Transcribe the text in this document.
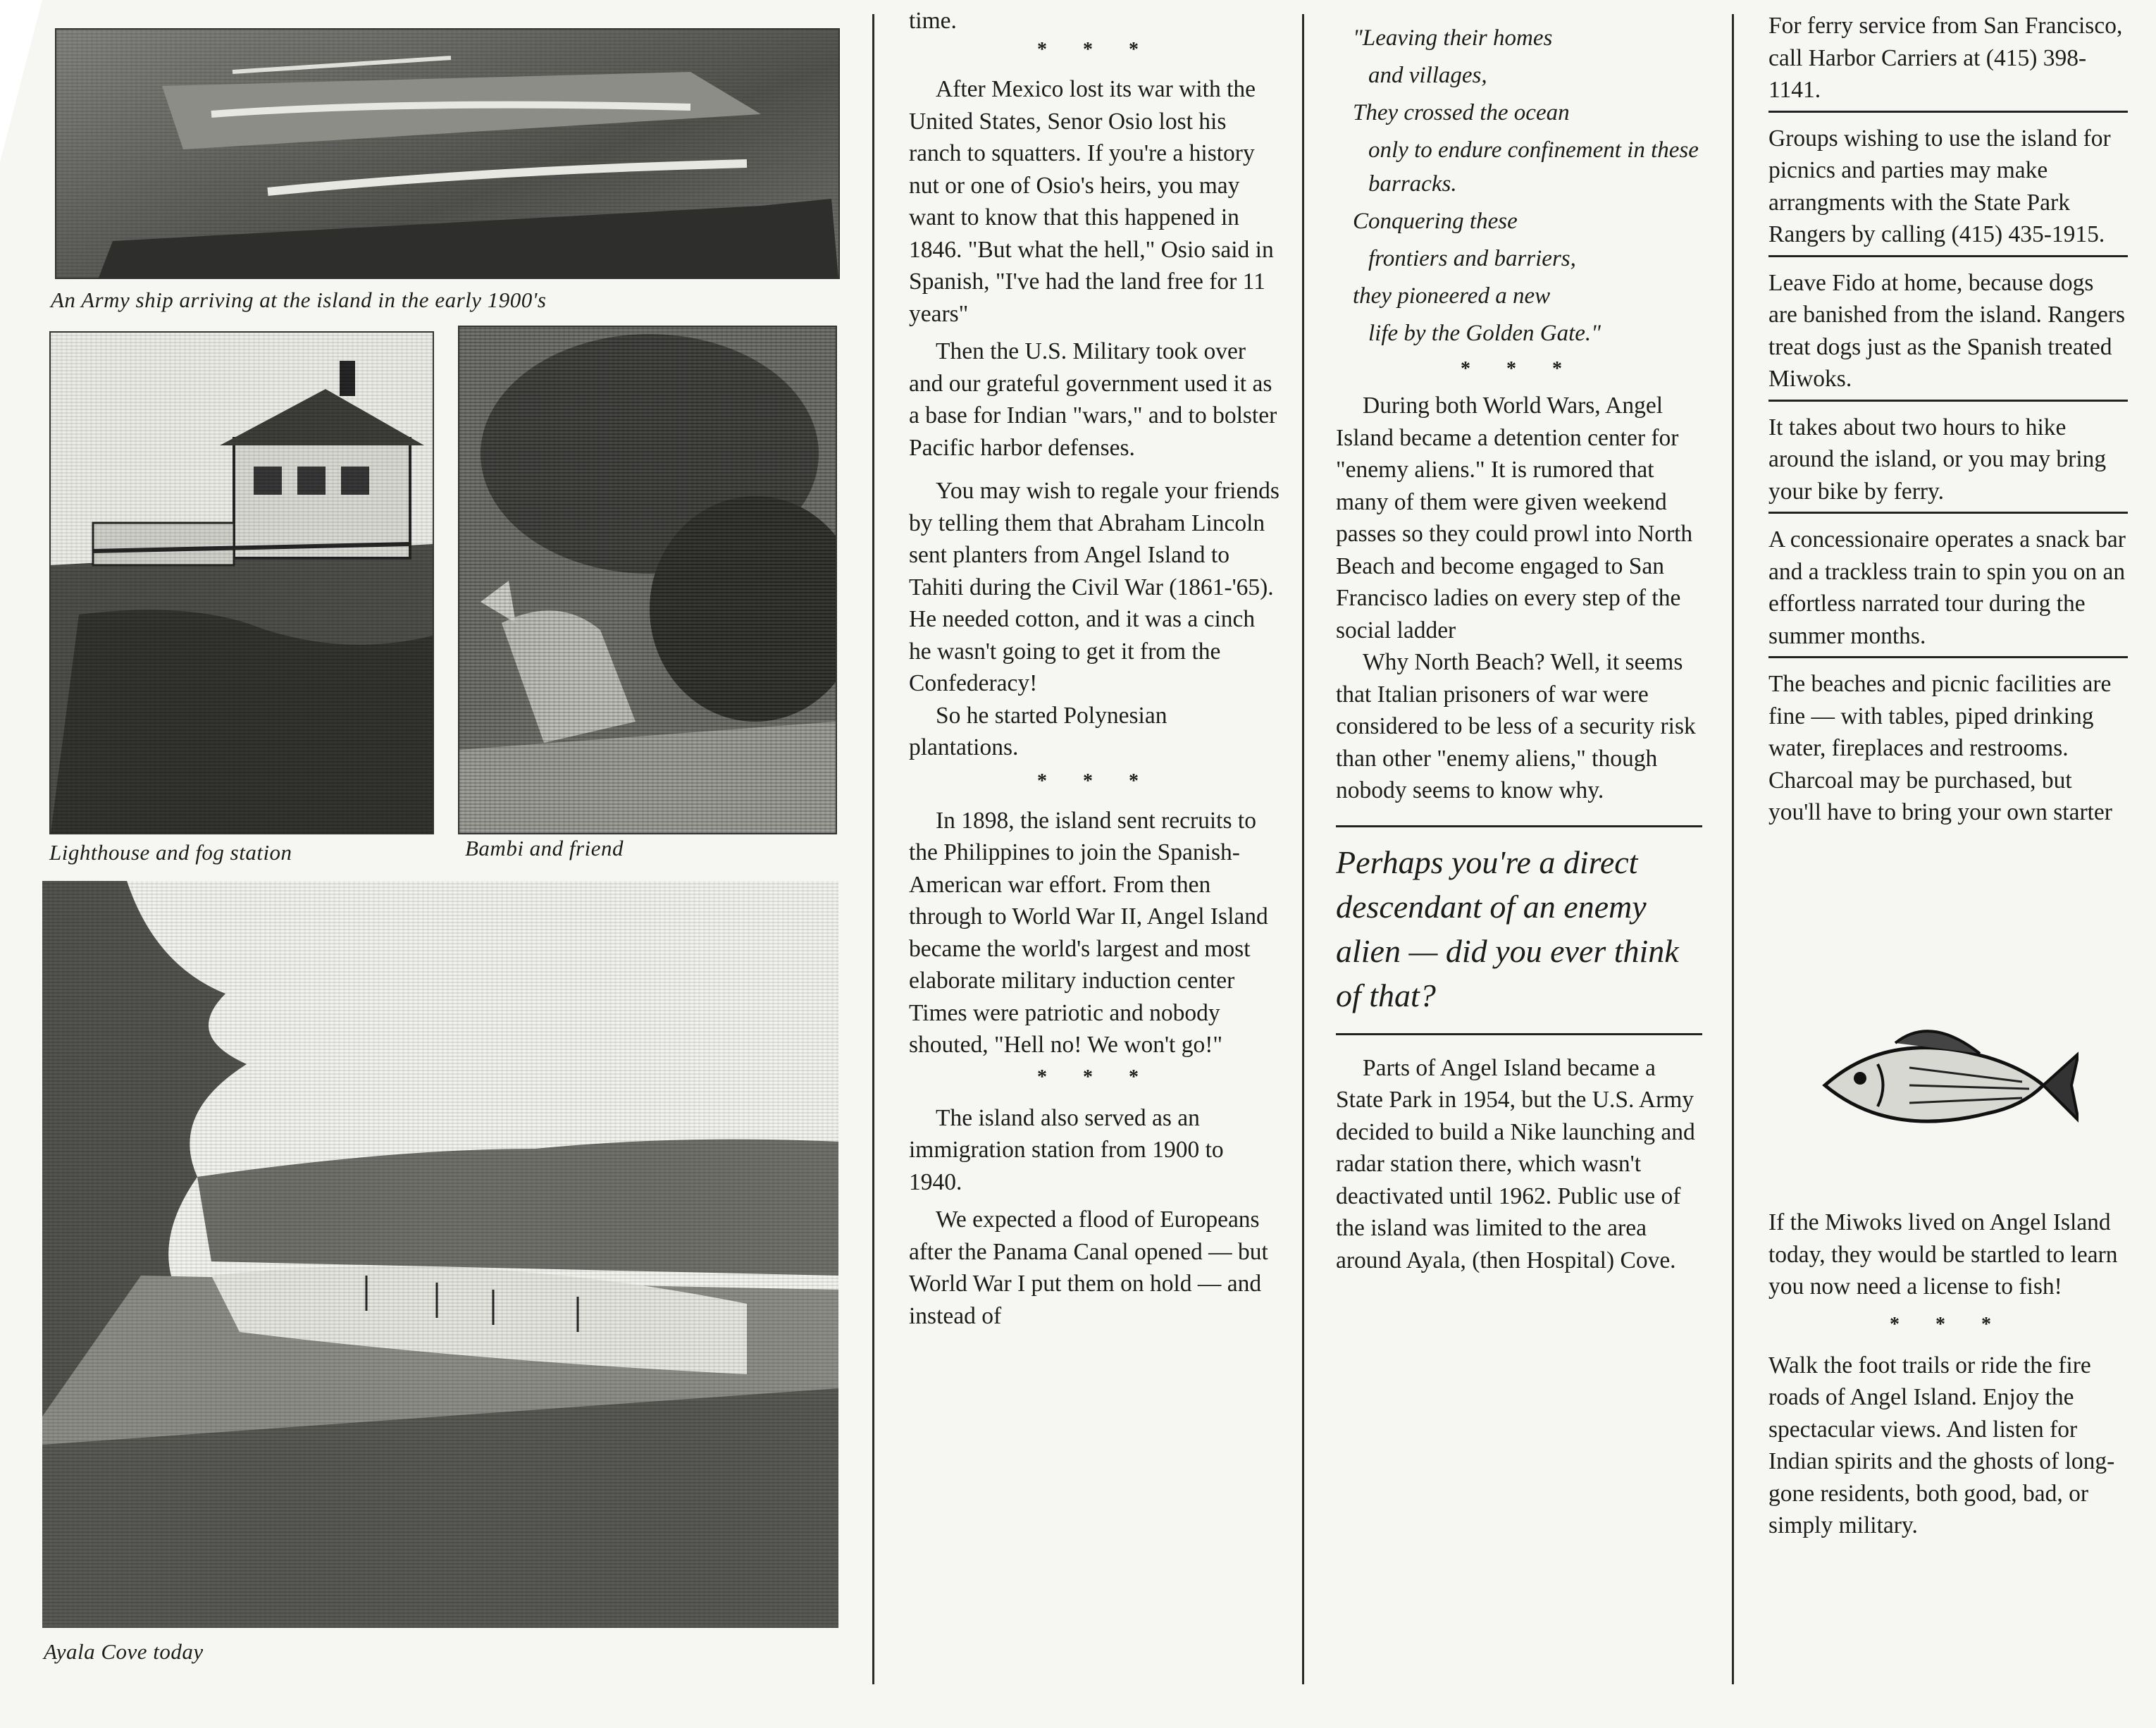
An Army ship arriving at the island in the early 1900's
Lighthouse and fog station	Bambi and friend
Ayala Cove today

time.

* * *

After Mexico lost its war with the United States, Senor Osio lost his ranch to squatters. If you're a history nut or one of Osio's heirs, you may want to know that this happened in 1846. "But what the hell," Osio said in Spanish, "I've had the land free for 11 years"

Then the U.S. Military took over and our grateful government used it as a base for Indian "wars," and to bolster Pacific harbor defenses.

You may wish to regale your friends by telling them that Abraham Lincoln sent planters from Angel Island to Tahiti during the Civil War (1861-'65). He needed cotton, and it was a cinch he wasn't going to get it from the Confederacy!

So he started Polynesian plantations.

* * *

In 1898, the island sent recruits to the Philippines to join the Spanish-American war effort. From then through to World War II, Angel Island became the world's largest and most elaborate military induction center Times were patriotic and nobody shouted, "Hell no! We won't go!"

* * *

The island also served as an immigration station from 1900 to 1940.

We expected a flood of Europeans after the Panama Canal opened — but World War I put them on hold — and instead of

"Leaving their homes

and villages,

They crossed the ocean

only to endure confinement in these barracks.

Conquering these

frontiers and barriers,

they pioneered a new

life by the Golden Gate."

* * *

During both World Wars, Angel Island became a detention center for "enemy aliens." It is rumored that many of them were given weekend passes so they could prowl into North Beach and become engaged to San Francisco ladies on every step of the social ladder

Why North Beach? Well, it seems that Italian prisoners of war were considered to be less of a security risk than other "enemy aliens," though nobody seems to know why.

Perhaps you're a direct descendant of an enemy alien — did you ever think of that?

Parts of Angel Island became a State Park in 1954, but the U.S. Army decided to build a Nike launching and radar station there, which wasn't deactivated until 1962. Public use of the island was limited to the area around Ayala, (then Hospital) Cove.

For ferry service from San Francisco, call Harbor Carriers at (415) 398-1141.
Groups wishing to use the island for picnics and parties may make arrangments with the State Park Rangers by calling (415) 435-1915.
Leave Fido at home, because dogs are banished from the island. Rangers treat dogs just as the Spanish treated Miwoks.
It takes about two hours to hike around the island, or you may bring your bike by ferry.
A concessionaire operates a snack bar and a trackless train to spin you on an effortless narrated tour during the summer months.
The beaches and picnic facilities are fine — with tables, piped drinking water, fireplaces and restrooms. Charcoal may be purchased, but you'll have to bring your own starter

If the Miwoks lived on Angel Island today, they would be startled to learn you now need a license to fish!

* * *

Walk the foot trails or ride the fire roads of Angel Island. Enjoy the spectacular views. And listen for Indian spirits and the ghosts of long-gone residents, both good, bad, or simply military.
